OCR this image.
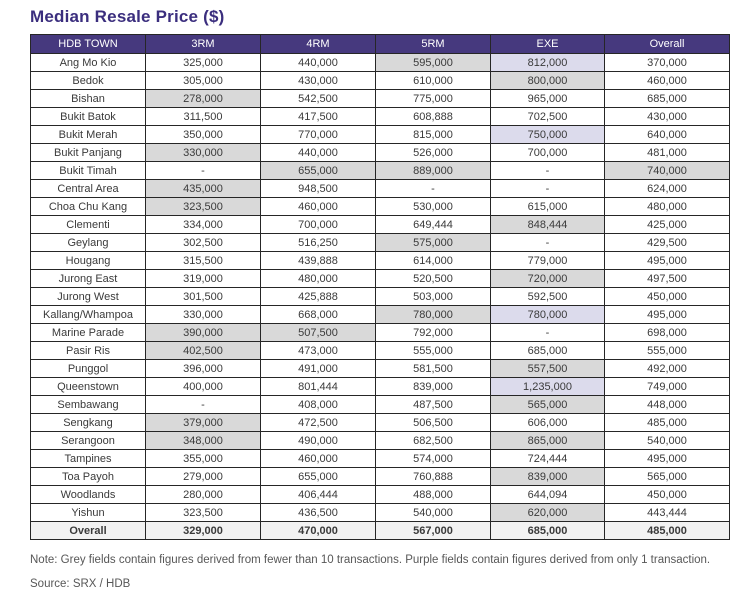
Median Resale Price ($)
HDB TOWN	3RM	4RM	5RM	EXE	Overall
Ang Mo Kio	325,000	440,000	595,000	812,000	370,000
Bedok	305,000	430,000	610,000	800,000	460,000
Bishan	278,000	542,500	775,000	965,000	685,000
Bukit Batok	311,500	417,500	608,888	702,500	430,000
Bukit Merah	350,000	770,000	815,000	750,000	640,000
Bukit Panjang	330,000	440,000	526,000	700,000	481,000
Bukit Timah	-	655,000	889,000	-	740,000
Central Area	435,000	948,500	-	-	624,000
Choa Chu Kang	323,500	460,000	530,000	615,000	480,000
Clementi	334,000	700,000	649,444	848,444	425,000
Geylang	302,500	516,250	575,000	-	429,500
Hougang	315,500	439,888	614,000	779,000	495,000
Jurong East	319,000	480,000	520,500	720,000	497,500
Jurong West	301,500	425,888	503,000	592,500	450,000
Kallang/Whampoa	330,000	668,000	780,000	780,000	495,000
Marine Parade	390,000	507,500	792,000	-	698,000
Pasir Ris	402,500	473,000	555,000	685,000	555,000
Punggol	396,000	491,000	581,500	557,500	492,000
Queenstown	400,000	801,444	839,000	1,235,000	749,000
Sembawang	-	408,000	487,500	565,000	448,000
Sengkang	379,000	472,500	506,500	606,000	485,000
Serangoon	348,000	490,000	682,500	865,000	540,000
Tampines	355,000	460,000	574,000	724,444	495,000
Toa Payoh	279,000	655,000	760,888	839,000	565,000
Woodlands	280,000	406,444	488,000	644,094	450,000
Yishun	323,500	436,500	540,000	620,000	443,444
Overall	329,000	470,000	567,000	685,000	485,000
Note: Grey fields contain figures derived from fewer than 10 transactions. Purple fields contain figures derived from only 1 transaction.
Source: SRX / HDB
